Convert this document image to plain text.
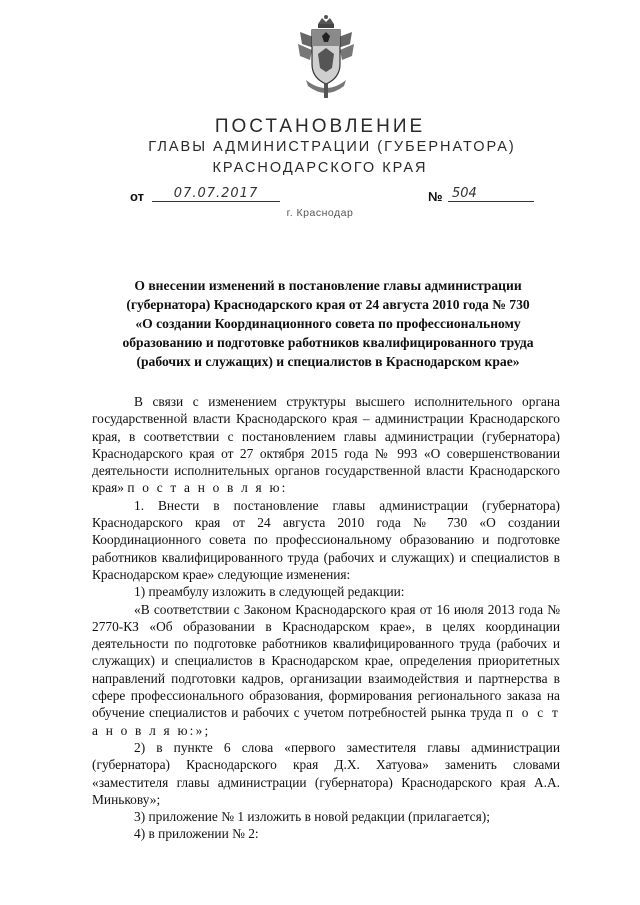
ПОСТАНОВЛЕНИЕ
ГЛАВЫ АДМИНИСТРАЦИИ (ГУБЕРНАТОРА)
КРАСНОДАРСКОГО КРАЯ
от	07.07.2017	№ 504
г. Краснодар
О внесении изменений в постановление главы администрации
(губернатора) Краснодарского края от 24 августа 2010 года № 730
«О создании Координационного совета по профессиональному
образованию и подготовке работников квалифицированного труда
(рабочих и служащих) и специалистов в Краснодарском крае»

В связи с изменением структуры высшего исполнительного органа государственной власти Краснодарского края – администрации Краснодарского края, в соответствии с постановлением главы администрации (губернатора) Краснодарского края от 27 октября 2015 года № 993 «О совершенствовании деятельности исполнительных органов государственной власти Краснодарского края» п о с т а н о в л я ю:

1. Внести в постановление главы администрации (губернатора) Краснодарского края от 24 августа 2010 года № 730 «О создании Координационного совета по профессиональному образованию и подготовке работников квалифицированного труда (рабочих и служащих) и специалистов в Краснодарском крае» следующие изменения:

1) преамбулу изложить в следующей редакции:

«В соответствии с Законом Краснодарского края от 16 июля 2013 года № 2770-КЗ «Об образовании в Краснодарском крае», в целях координации деятельности по подготовке работников квалифицированного труда (рабочих и служащих) и специалистов в Краснодарском крае, определения приоритетных направлений подготовки кадров, организации взаимодействия и партнерства в сфере профессионального образования, формирования регионального заказа на обучение специалистов и рабочих с учетом потребностей рынка труда п о с т а н о в л я ю:»;

2) в пункте 6 слова «первого заместителя главы администрации (губернатора) Краснодарского края Д.Х. Хатуова» заменить словами «заместителя главы администрации (губернатора) Краснодарского края А.А. Минькову»;

3) приложение № 1 изложить в новой редакции (прилагается);

4) в приложении № 2:
